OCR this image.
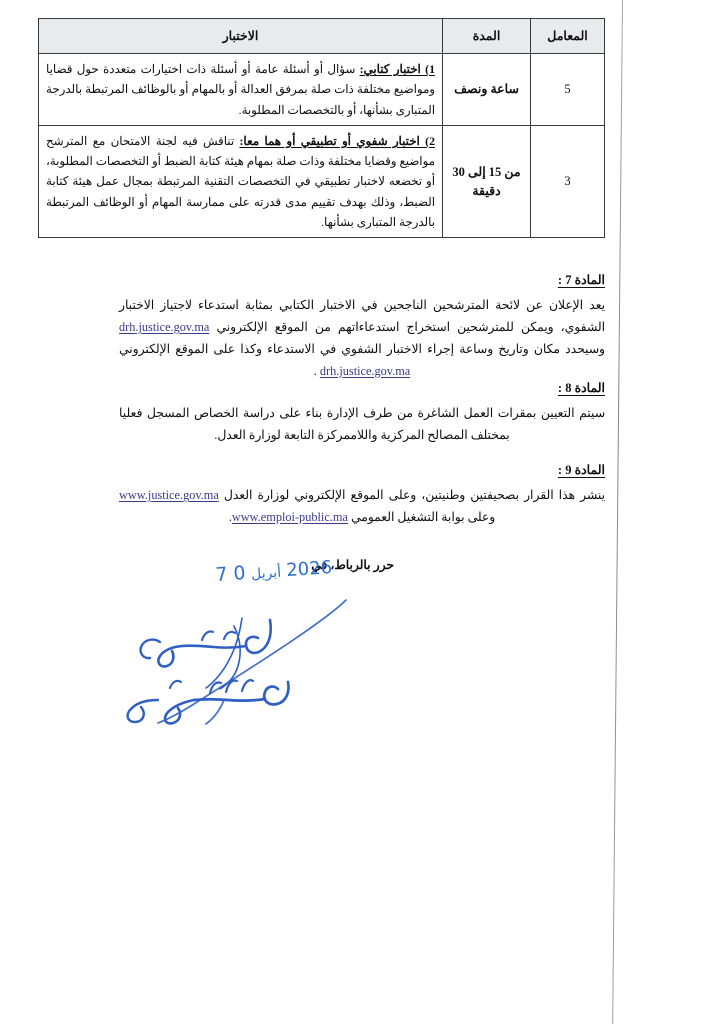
المعامل	المدة	الاختبار
5	ساعة ونصف	1) اختبار كتابي: سؤال أو أسئلة عامة أو أسئلة ذات اختيارات متعددة حول قضايا ومواضيع مختلفة ذات صلة بمرفق العدالة أو بالمهام أو بالوظائف المرتبطة بالدرجة المتبارى بشأنها، أو بالتخصصات المطلوبة.
3	من 15 إلى 30 دقيقة	2) اختبار شفوي أو تطبيقي أو هما معا: تناقش فيه لجنة الامتحان مع المترشح مواضيع وقضايا مختلفة وذات صلة بمهام هيئة كتابة الضبط أو التخصصات المطلوبة، أو تخضعه لاختبار تطبيقي في التخصصات التقنية المرتبطة بمجال عمل هيئة كتابة الضبط، وذلك بهدف تقييم مدى قدرته على ممارسة المهام أو الوظائف المرتبطة بالدرجة المتبارى بشأنها.
المادة 7 :

يعد الإعلان عن لائحة المترشحين الناجحين في الاختبار الكتابي بمثابة استدعاء لاجتياز الاختبار الشفوي، ويمكن للمترشحين استخراج استدعاءاتهم من الموقع الإلكتروني drh.justice.gov.ma وسيحدد مكان وتاريخ وساعة إجراء الاختبار الشفوي في الاستدعاء وكذا على الموقع الإلكتروني drh.justice.gov.ma .

المادة 8 :

سيتم التعيين بمقرات العمل الشاغرة من طرف الإدارة بناء على دراسة الخصاص المسجل فعليا بمختلف المصالح المركزية واللاممركزة التابعة لوزارة العدل.

المادة 9 :

ينشر هذا القرار بصحيفتين وطنيتين، وعلى الموقع الإلكتروني لوزارة العدل www.justice.gov.ma وعلى بوابة التشغيل العمومي www.emploi-public.ma.

حرر بالرباط، في
2026 أبريل 0 7
